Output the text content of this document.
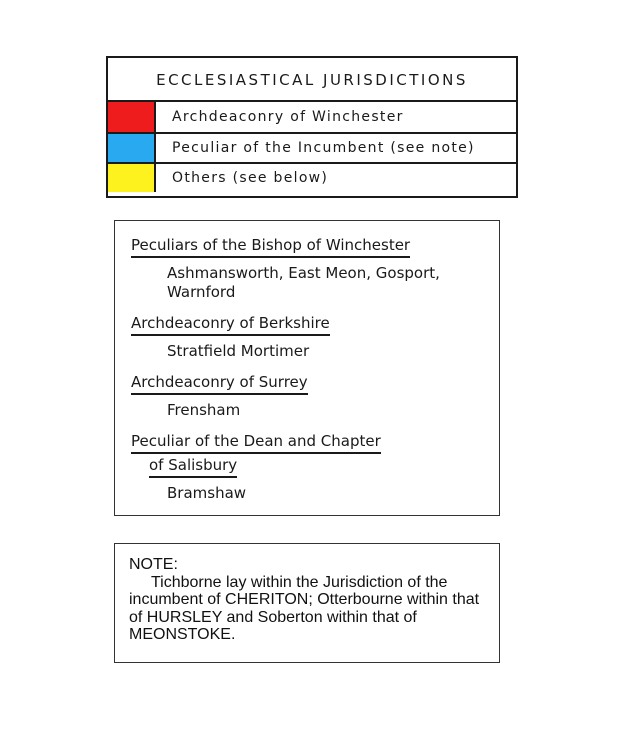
ECCLESIASTICAL JURISDICTIONS
Archdeaconry of Winchester
Peculiar of the Incumbent (see note)
Others (see below)
Peculiars of the Bishop of Winchester
Ashmansworth, East Meon, Gosport,
Warnford
Archdeaconry of Berkshire
Stratfield Mortimer
Archdeaconry of Surrey
Frensham
Peculiar of the Dean and Chapter
of Salisbury
Bramshaw
NOTE:
Tichborne lay within the Jurisdiction of the incumbent of CHERITON; Otterbourne within that of HURSLEY and Soberton within that of MEONSTOKE.
